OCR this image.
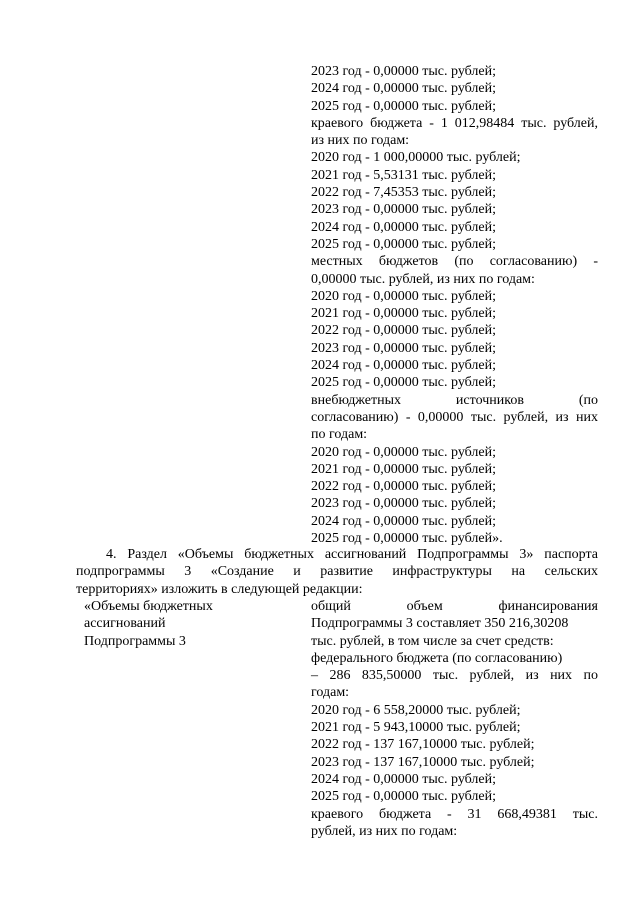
2023 год - 0,00000 тыс. рублей;
2024 год - 0,00000 тыс. рублей;
2025 год - 0,00000 тыс. рублей;
краевого бюджета - 1 012,98484 тыс. рублей,
из них по годам:
2020 год - 1 000,00000 тыс. рублей;
2021 год - 5,53131 тыс. рублей;
2022 год - 7,45353 тыс. рублей;
2023 год - 0,00000 тыс. рублей;
2024 год - 0,00000 тыс. рублей;
2025 год - 0,00000 тыс. рублей;
местных бюджетов (по согласованию) -
0,00000 тыс. рублей, из них по годам:
2020 год - 0,00000 тыс. рублей;
2021 год - 0,00000 тыс. рублей;
2022 год - 0,00000 тыс. рублей;
2023 год - 0,00000 тыс. рублей;
2024 год - 0,00000 тыс. рублей;
2025 год - 0,00000 тыс. рублей;
внебюджетных источников (по
согласованию) - 0,00000 тыс. рублей, из них
по годам:
2020 год - 0,00000 тыс. рублей;
2021 год - 0,00000 тыс. рублей;
2022 год - 0,00000 тыс. рублей;
2023 год - 0,00000 тыс. рублей;
2024 год - 0,00000 тыс. рублей;
2025 год - 0,00000 тыс. рублей».
4. Раздел «Объемы бюджетных ассигнований Подпрограммы 3» паспорта
подпрограммы 3 «Создание и развитие инфраструктуры на сельских
территориях» изложить в следующей редакции:
«Объемы бюджетных
ассигнований
Подпрограммы 3
общий объем финансирования
Подпрограммы 3 составляет 350 216,30208
тыс. рублей, в том числе за счет средств:
федерального бюджета (по согласованию)
– 286 835,50000 тыс. рублей, из них по
годам:
2020 год - 6 558,20000 тыс. рублей;
2021 год - 5 943,10000 тыс. рублей;
2022 год - 137 167,10000 тыс. рублей;
2023 год - 137 167,10000 тыс. рублей;
2024 год - 0,00000 тыс. рублей;
2025 год - 0,00000 тыс. рублей;
краевого бюджета - 31 668,49381 тыс.
рублей, из них по годам:
